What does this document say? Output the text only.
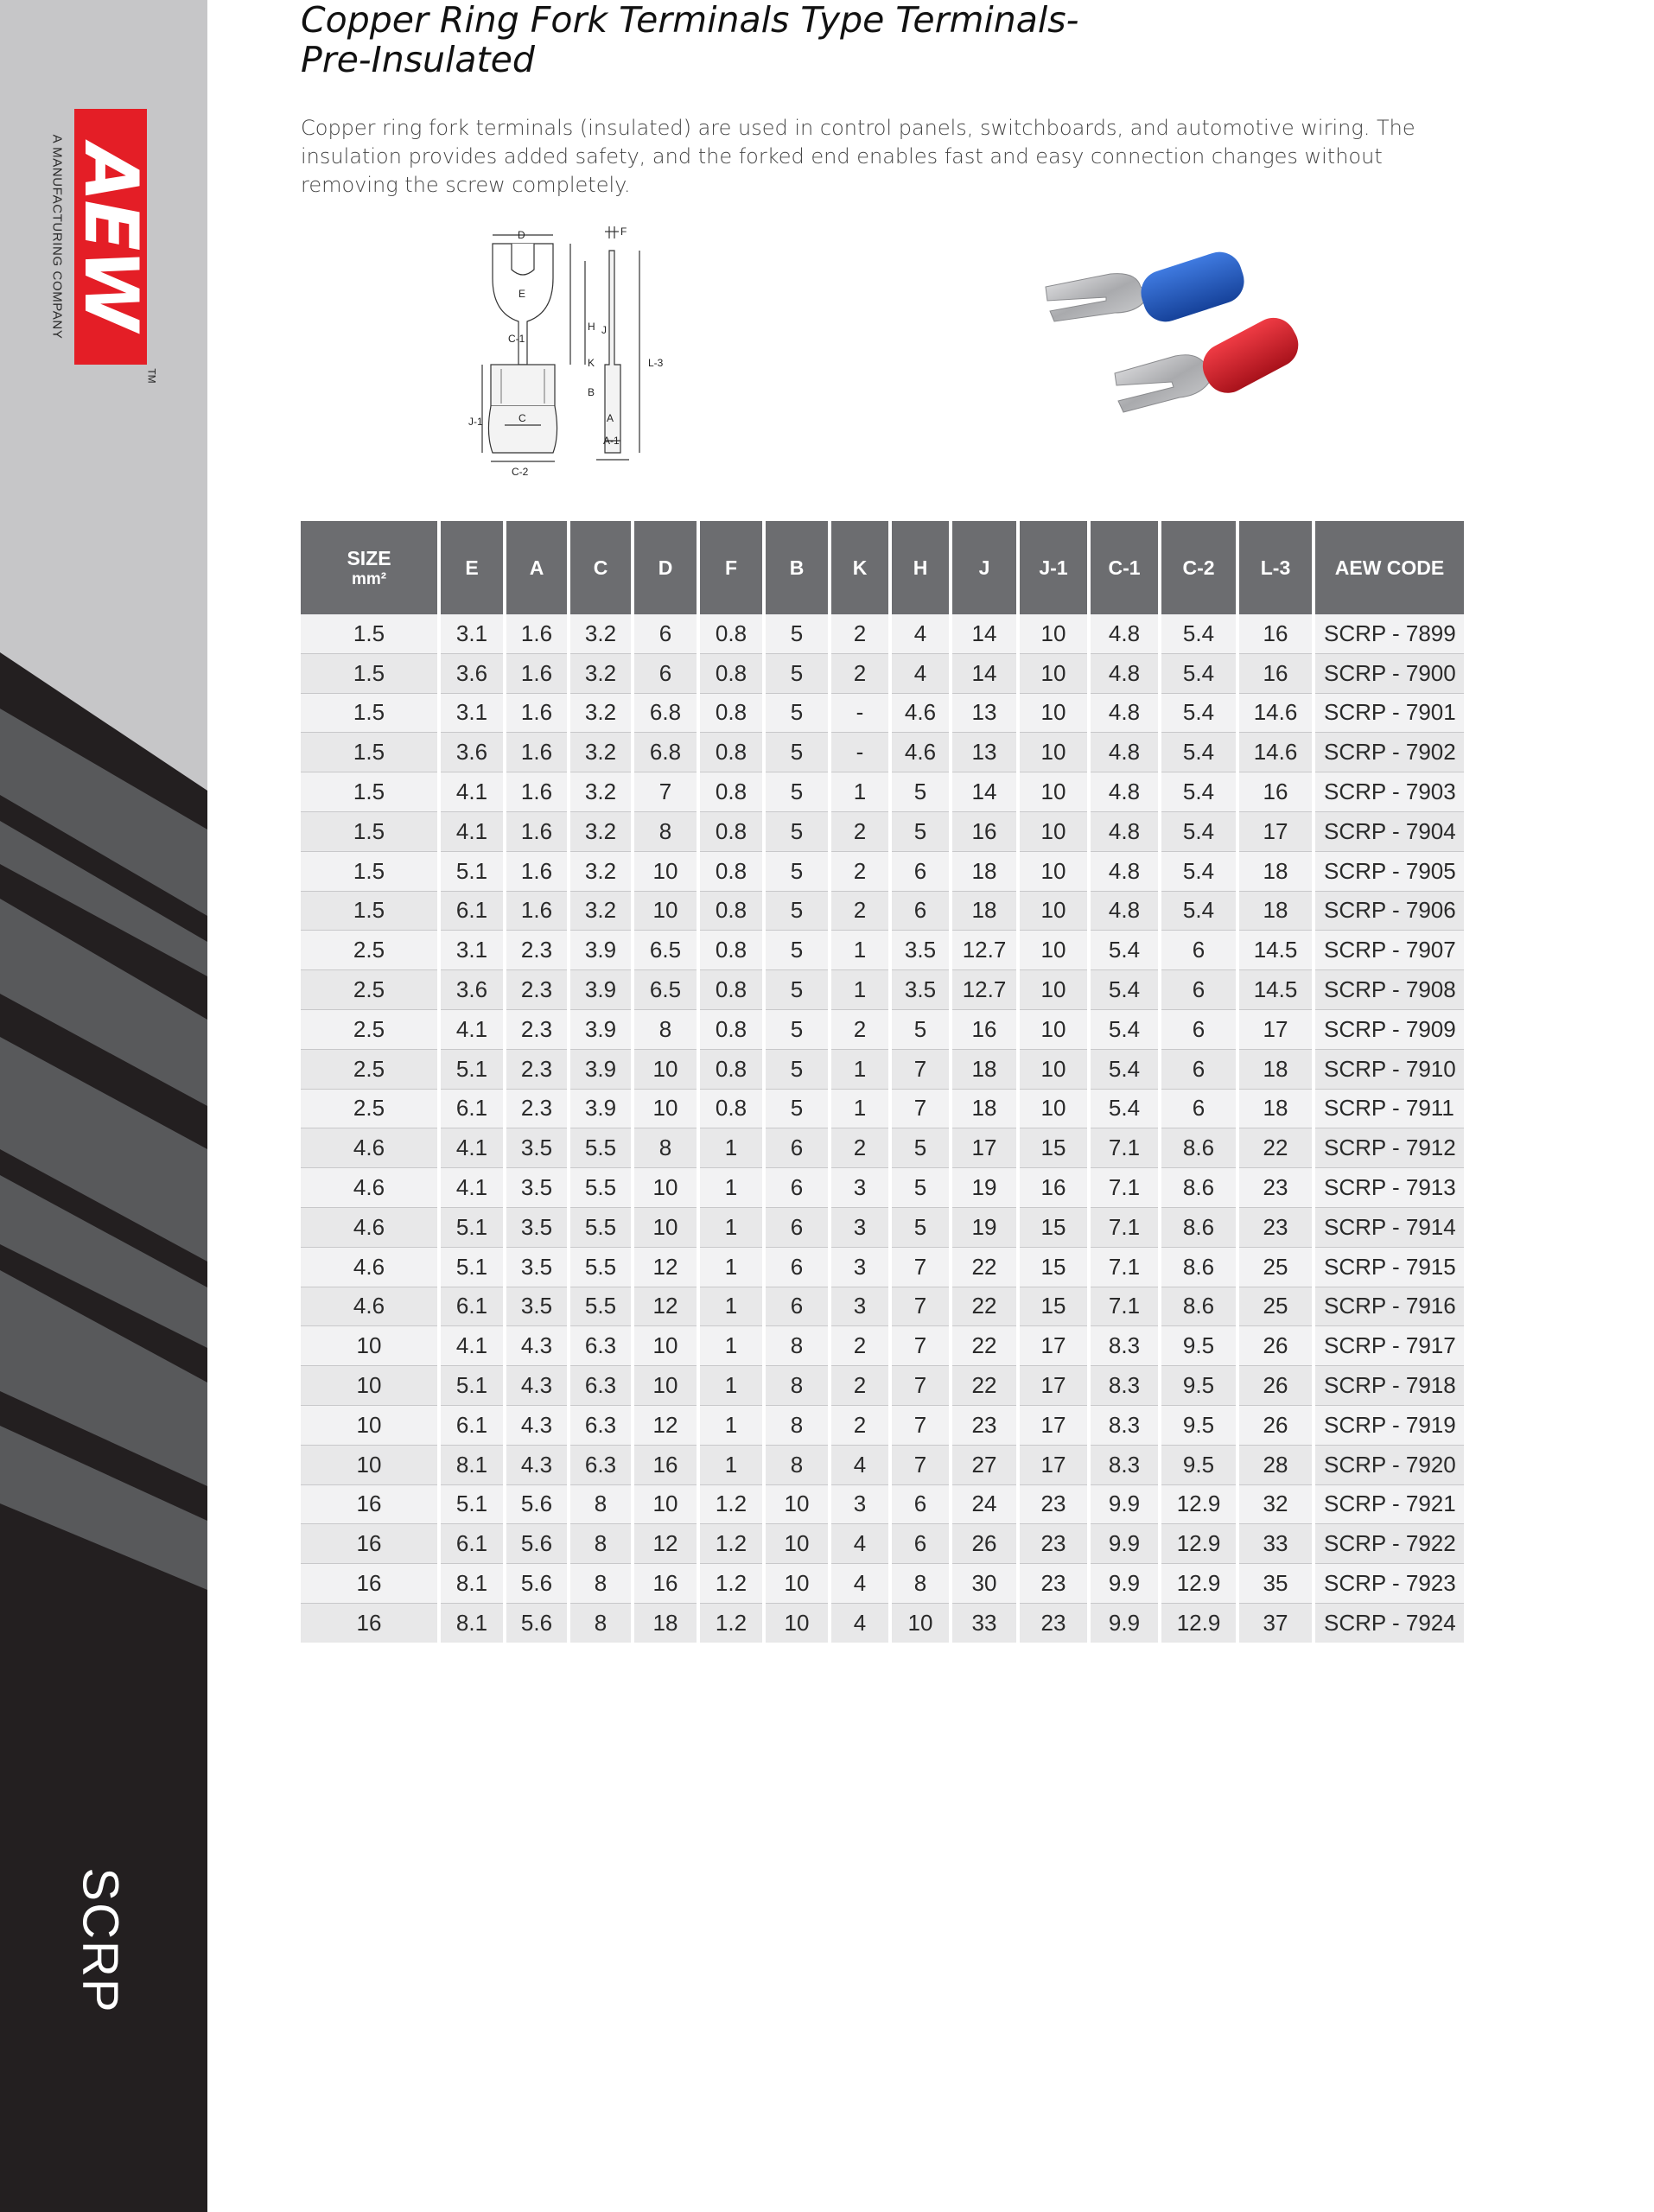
AEW
TM
A MANUFACTURING COMPANY
SCRP
Copper Ring Fork Terminals Type Terminals-
Pre-Insulated

Copper ring fork terminals (insulated) are used in control panels, switchboards, and automotive wiring. The insulation provides added safety, and the forked end enables fast and easy connection changes without removing the screw completely.

D	F
E
C-1
H J
K
B
L-3
J-1	C	A
A-1
C-2
SIZE
mm²	E	A	C	D	F	B	K	H	J	J-1	C-1	C-2	L-3	AEW CODE
1.5	3.1	1.6	3.2	6	0.8	5	2	4	14	10	4.8	5.4	16	SCRP - 7899
1.5	3.6	1.6	3.2	6	0.8	5	2	4	14	10	4.8	5.4	16	SCRP - 7900
1.5	3.1	1.6	3.2	6.8	0.8	5	-	4.6	13	10	4.8	5.4	14.6	SCRP - 7901
1.5	3.6	1.6	3.2	6.8	0.8	5	-	4.6	13	10	4.8	5.4	14.6	SCRP - 7902
1.5	4.1	1.6	3.2	7	0.8	5	1	5	14	10	4.8	5.4	16	SCRP - 7903
1.5	4.1	1.6	3.2	8	0.8	5	2	5	16	10	4.8	5.4	17	SCRP - 7904
1.5	5.1	1.6	3.2	10	0.8	5	2	6	18	10	4.8	5.4	18	SCRP - 7905
1.5	6.1	1.6	3.2	10	0.8	5	2	6	18	10	4.8	5.4	18	SCRP - 7906
2.5	3.1	2.3	3.9	6.5	0.8	5	1	3.5	12.7	10	5.4	6	14.5	SCRP - 7907
2.5	3.6	2.3	3.9	6.5	0.8	5	1	3.5	12.7	10	5.4	6	14.5	SCRP - 7908
2.5	4.1	2.3	3.9	8	0.8	5	2	5	16	10	5.4	6	17	SCRP - 7909
2.5	5.1	2.3	3.9	10	0.8	5	1	7	18	10	5.4	6	18	SCRP - 7910
2.5	6.1	2.3	3.9	10	0.8	5	1	7	18	10	5.4	6	18	SCRP - 7911
4.6	4.1	3.5	5.5	8	1	6	2	5	17	15	7.1	8.6	22	SCRP - 7912
4.6	4.1	3.5	5.5	10	1	6	3	5	19	16	7.1	8.6	23	SCRP - 7913
4.6	5.1	3.5	5.5	10	1	6	3	5	19	15	7.1	8.6	23	SCRP - 7914
4.6	5.1	3.5	5.5	12	1	6	3	7	22	15	7.1	8.6	25	SCRP - 7915
4.6	6.1	3.5	5.5	12	1	6	3	7	22	15	7.1	8.6	25	SCRP - 7916
10	4.1	4.3	6.3	10	1	8	2	7	22	17	8.3	9.5	26	SCRP - 7917
10	5.1	4.3	6.3	10	1	8	2	7	22	17	8.3	9.5	26	SCRP - 7918
10	6.1	4.3	6.3	12	1	8	2	7	23	17	8.3	9.5	26	SCRP - 7919
10	8.1	4.3	6.3	16	1	8	4	7	27	17	8.3	9.5	28	SCRP - 7920
16	5.1	5.6	8	10	1.2	10	3	6	24	23	9.9	12.9	32	SCRP - 7921
16	6.1	5.6	8	12	1.2	10	4	6	26	23	9.9	12.9	33	SCRP - 7922
16	8.1	5.6	8	16	1.2	10	4	8	30	23	9.9	12.9	35	SCRP - 7923
16	8.1	5.6	8	18	1.2	10	4	10	33	23	9.9	12.9	37	SCRP - 7924
